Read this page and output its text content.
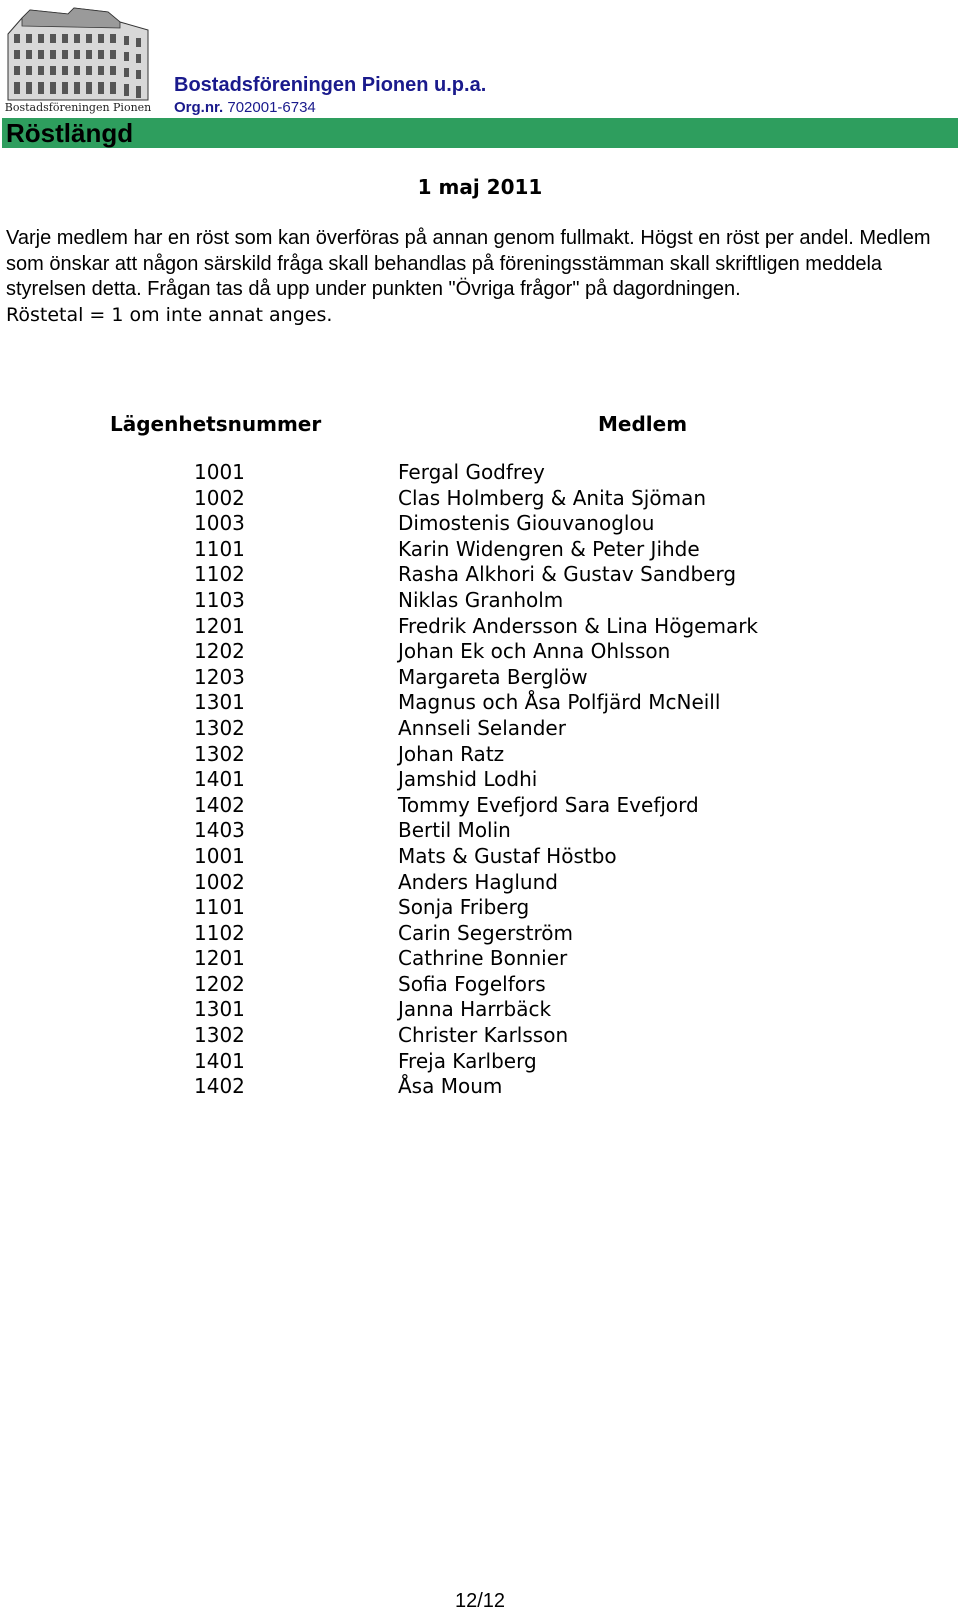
Bostadsföreningen Pionen
Bostadsföreningen Pionen u.p.a.
Org.nr. 702001-6734
Röstlängd
1 maj 2011

Varje medlem har en röst som kan överföras på annan genom fullmakt. Högst en röst per andel. Medlem som önskar att någon särskild fråga skall behandlas på föreningsstämman skall skriftligen meddela styrelsen detta. Frågan tas då upp under punkten "Övriga frågor" på dagordningen.

Röstetal = 1 om inte annat anges.

Lägenhetsnummer	Medlem
1001	Fergal Godfrey
1002	Clas Holmberg & Anita Sjöman
1003	Dimostenis Giouvanoglou
1101	Karin Widengren & Peter Jihde
1102	Rasha Alkhori & Gustav Sandberg
1103	Niklas Granholm
1201	Fredrik Andersson & Lina Högemark
1202	Johan Ek och Anna Ohlsson
1203	Margareta Berglöw
1301	Magnus och Åsa Polfjärd McNeill
1302	Annseli Selander
1302	Johan Ratz
1401	Jamshid Lodhi
1402	Tommy Evefjord Sara Evefjord
1403	Bertil Molin
1001	Mats & Gustaf Höstbo
1002	Anders Haglund
1101	Sonja Friberg
1102	Carin Segerström
1201	Cathrine Bonnier
1202	Sofia Fogelfors
1301	Janna Harrbäck
1302	Christer Karlsson
1401	Freja Karlberg
1402	Åsa Moum
12/12
